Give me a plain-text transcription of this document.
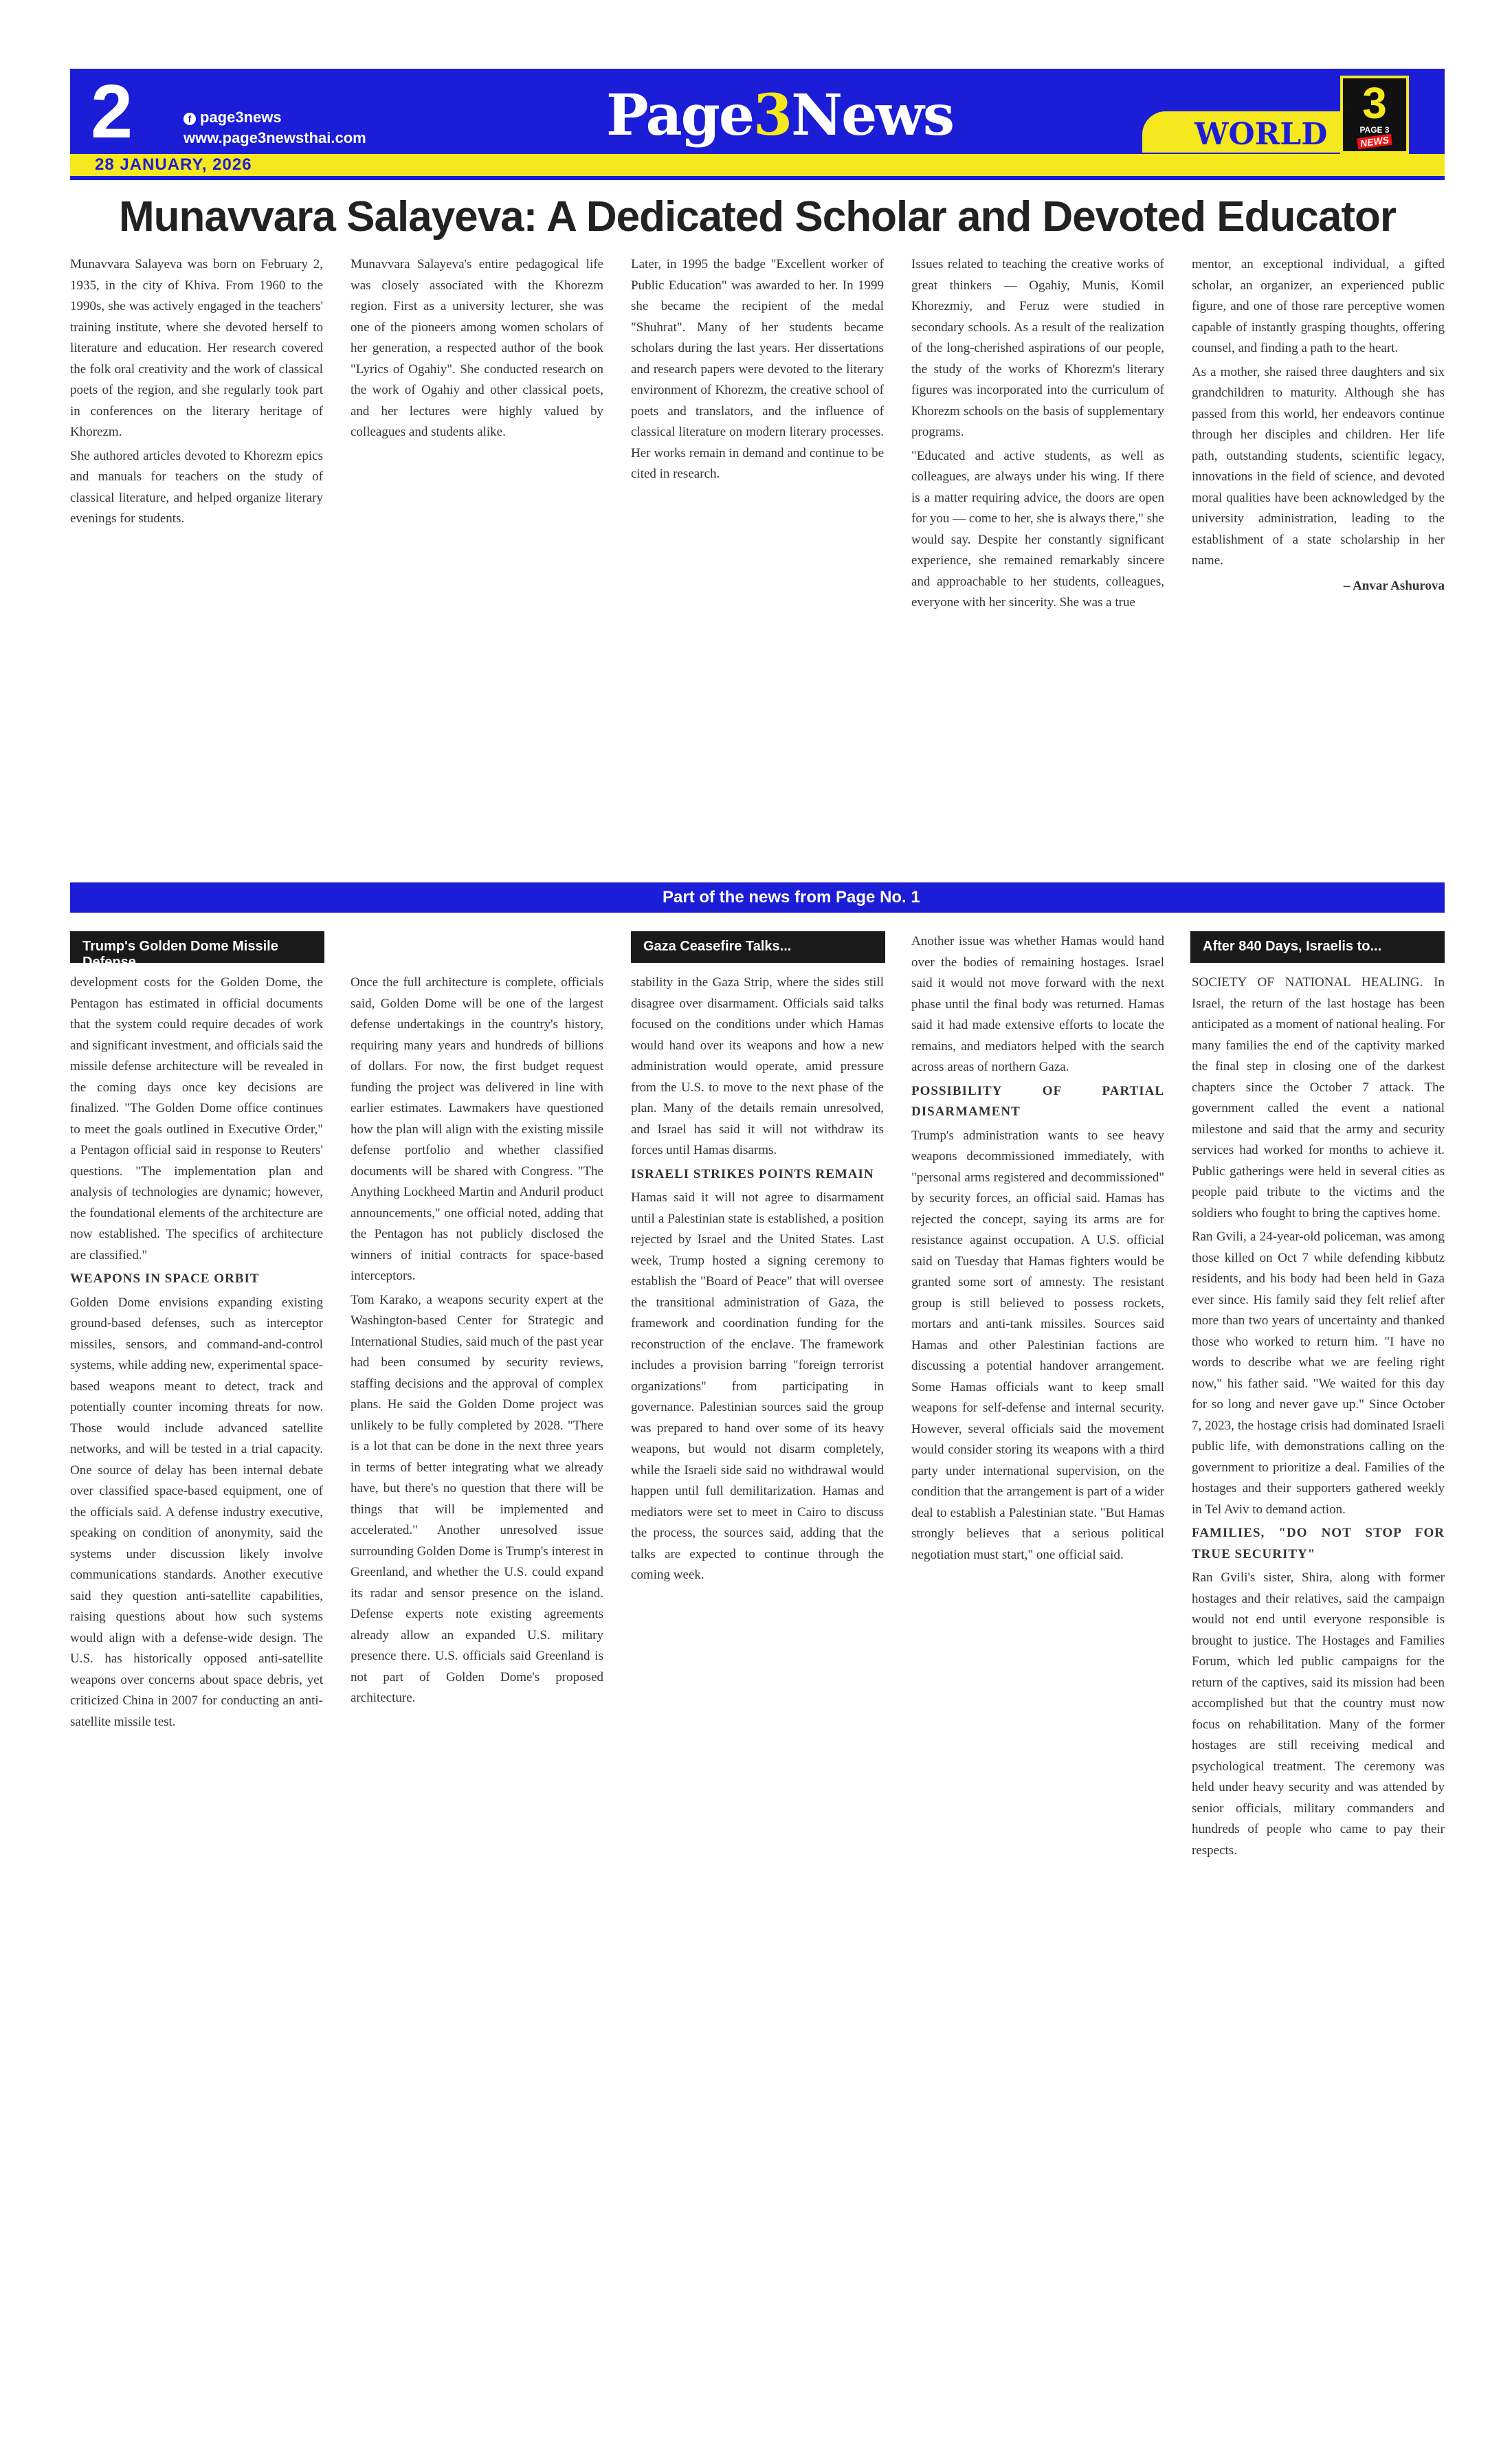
2	f page3news
www.page3newsthai.com	Page3News	WORLD
3
PAGE 3
NEWS
28 JANUARY, 2026
Munavvara Salayeva: A Dedicated Scholar and Devoted Educator

Munavvara Salayeva was born on February 2, 1935, in the city of Khiva. From 1960 to the 1990s, she was actively engaged in the teachers' training institute, where she devoted herself to literature and education. Her research covered the folk oral creativity and the work of classical poets of the region, and she regularly took part in conferences on the literary heritage of Khorezm.

She authored articles devoted to Khorezm epics and manuals for teachers on the study of classical literature, and helped organize literary evenings for students.

Munavvara Salayeva's entire pedagogical life was closely associated with the Khorezm region. First as a university lecturer, she was one of the pioneers among women scholars of her generation, a respected author of the book "Lyrics of Ogahiy". She conducted research on the work of Ogahiy and other classical poets, and her lectures were highly valued by colleagues and students alike.

Later, in 1995 the badge "Excellent worker of Public Education" was awarded to her. In 1999 she became the recipient of the medal "Shuhrat". Many of her students became scholars during the last years. Her dissertations and research papers were devoted to the literary environment of Khorezm, the creative school of poets and translators, and the influence of classical literature on modern literary processes. Her works remain in demand and continue to be cited in research.

Issues related to teaching the creative works of great thinkers — Ogahiy, Munis, Komil Khorezmiy, and Feruz were studied in secondary schools. As a result of the realization of the long-cherished aspirations of our people, the study of the works of Khorezm's literary figures was incorporated into the curriculum of Khorezm schools on the basis of supplementary programs.

"Educated and active students, as well as colleagues, are always under his wing. If there is a matter requiring advice, the doors are open for you — come to her, she is always there," she would say. Despite her constantly significant experience, she remained remarkably sincere and approachable to her students, colleagues, everyone with her sincerity. She was a true

mentor, an exceptional individual, a gifted scholar, an organizer, an experienced public figure, and one of those rare perceptive women capable of instantly grasping thoughts, offering counsel, and finding a path to the heart.

As a mother, she raised three daughters and six grandchildren to maturity. Although she has passed from this world, her endeavors continue through her disciples and children. Her life path, outstanding students, scientific legacy, innovations in the field of science, and devoted moral qualities have been acknowledged by the university administration, leading to the establishment of a state scholarship in her name.

– Anvar Ashurova
Part of the news from Page No. 1
Trump's Golden Dome Missile Defense
Gaza Ceasefire Talks...	After 840 Days, Israelis to...

development costs for the Golden Dome, the Pentagon has estimated in official documents that the system could require decades of work and significant investment, and officials said the missile defense architecture will be revealed in the coming days once key decisions are finalized. "The Golden Dome office continues to meet the goals outlined in Executive Order," a Pentagon official said in response to Reuters' questions. "The implementation plan and analysis of technologies are dynamic; however, the foundational elements of the architecture are now established. The specifics of architecture are classified."

WEAPONS IN SPACE ORBIT

Golden Dome envisions expanding existing ground-based defenses, such as interceptor missiles, sensors, and command-and-control systems, while adding new, experimental space-based weapons meant to detect, track and potentially counter incoming threats for now. Those would include advanced satellite networks, and will be tested in a trial capacity. One source of delay has been internal debate over classified space-based equipment, one of the officials said. A defense industry executive, speaking on condition of anonymity, said the systems under discussion likely involve communications standards. Another executive said they question anti-satellite capabilities, raising questions about how such systems would align with a defense-wide design. The U.S. has historically opposed anti-satellite weapons over concerns about space debris, yet criticized China in 2007 for conducting an anti-satellite missile test.

Once the full architecture is complete, officials said, Golden Dome will be one of the largest defense undertakings in the country's history, requiring many years and hundreds of billions of dollars. For now, the first budget request funding the project was delivered in line with earlier estimates. Lawmakers have questioned how the plan will align with the existing missile defense portfolio and whether classified documents will be shared with Congress. "The Anything Lockheed Martin and Anduril product announcements," one official noted, adding that the Pentagon has not publicly disclosed the winners of initial contracts for space-based interceptors.

Tom Karako, a weapons security expert at the Washington-based Center for Strategic and International Studies, said much of the past year had been consumed by security reviews, staffing decisions and the approval of complex plans. He said the Golden Dome project was unlikely to be fully completed by 2028. "There is a lot that can be done in the next three years in terms of better integrating what we already have, but there's no question that there will be things that will be implemented and accelerated." Another unresolved issue surrounding Golden Dome is Trump's interest in Greenland, and whether the U.S. could expand its radar and sensor presence on the island. Defense experts note existing agreements already allow an expanded U.S. military presence there. U.S. officials said Greenland is not part of Golden Dome's proposed architecture.

stability in the Gaza Strip, where the sides still disagree over disarmament. Officials said talks focused on the conditions under which Hamas would hand over its weapons and how a new administration would operate, amid pressure from the U.S. to move to the next phase of the plan. Many of the details remain unresolved, and Israel has said it will not withdraw its forces until Hamas disarms.

ISRAELI STRIKES POINTS REMAIN

Hamas said it will not agree to disarmament until a Palestinian state is established, a position rejected by Israel and the United States. Last week, Trump hosted a signing ceremony to establish the "Board of Peace" that will oversee the transitional administration of Gaza, the framework and coordination funding for the reconstruction of the enclave. The framework includes a provision barring "foreign terrorist organizations" from participating in governance. Palestinian sources said the group was prepared to hand over some of its heavy weapons, but would not disarm completely, while the Israeli side said no withdrawal would happen until full demilitarization. Hamas and mediators were set to meet in Cairo to discuss the process, the sources said, adding that the talks are expected to continue through the coming week.

Another issue was whether Hamas would hand over the bodies of remaining hostages. Israel said it would not move forward with the next phase until the final body was returned. Hamas said it had made extensive efforts to locate the remains, and mediators helped with the search across areas of northern Gaza.

POSSIBILITY OF PARTIAL DISARMAMENT

Trump's administration wants to see heavy weapons decommissioned immediately, with "personal arms registered and decommissioned" by security forces, an official said. Hamas has rejected the concept, saying its arms are for resistance against occupation. A U.S. official said on Tuesday that Hamas fighters would be granted some sort of amnesty. The resistant group is still believed to possess rockets, mortars and anti-tank missiles. Sources said Hamas and other Palestinian factions are discussing a potential handover arrangement. Some Hamas officials want to keep small weapons for self-defense and internal security. However, several officials said the movement would consider storing its weapons with a third party under international supervision, on the condition that the arrangement is part of a wider deal to establish a Palestinian state. "But Hamas strongly believes that a serious political negotiation must start," one official said.

SOCIETY OF NATIONAL HEALING. In Israel, the return of the last hostage has been anticipated as a moment of national healing. For many families the end of the captivity marked the final step in closing one of the darkest chapters since the October 7 attack. The government called the event a national milestone and said that the army and security services had worked for months to achieve it. Public gatherings were held in several cities as people paid tribute to the victims and the soldiers who fought to bring the captives home.

Ran Gvili, a 24-year-old policeman, was among those killed on Oct 7 while defending kibbutz residents, and his body had been held in Gaza ever since. His family said they felt relief after more than two years of uncertainty and thanked those who worked to return him. "I have no words to describe what we are feeling right now," his father said. "We waited for this day for so long and never gave up." Since October 7, 2023, the hostage crisis had dominated Israeli public life, with demonstrations calling on the government to prioritize a deal. Families of the hostages and their supporters gathered weekly in Tel Aviv to demand action.

FAMILIES, "DO NOT STOP FOR TRUE SECURITY"

Ran Gvili's sister, Shira, along with former hostages and their relatives, said the campaign would not end until everyone responsible is brought to justice. The Hostages and Families Forum, which led public campaigns for the return of the captives, said its mission had been accomplished but that the country must now focus on rehabilitation. Many of the former hostages are still receiving medical and psychological treatment. The ceremony was held under heavy security and was attended by senior officials, military commanders and hundreds of people who came to pay their respects.
